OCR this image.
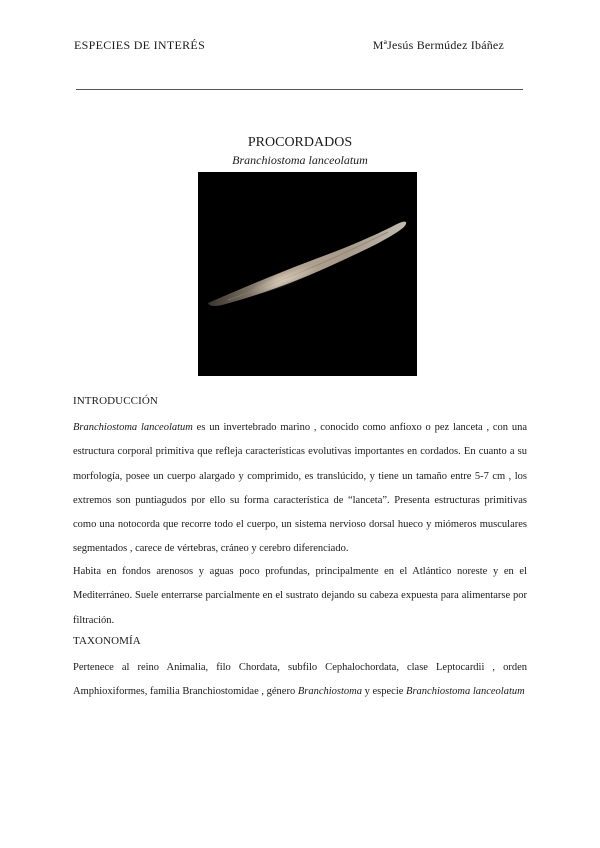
ESPECIES DE INTERÉS	MªJesús Bermúdez Ibáñez
PROCORDADOS
Branchiostoma lanceolatum
INTRODUCCIÓN
Branchiostoma lanceolatum es un invertebrado marino , conocido como anfioxo o pez lanceta , con una estructura corporal primitiva que refleja características evolutivas importantes en cordados. En cuanto a su morfología, posee un cuerpo alargado y comprimido, es translúcido, y tiene un tamaño entre 5-7 cm , los extremos son puntiagudos por ello su forma característica de “lanceta”. Presenta estructuras primitivas como una notocorda que recorre todo el cuerpo, un sistema nervioso dorsal hueco y miómeros musculares segmentados , carece de vértebras, cráneo y cerebro diferenciado.
Habita en fondos arenosos y aguas poco profundas, principalmente en el Atlántico noreste y en el Mediterráneo. Suele enterrarse parcialmente en el sustrato dejando su cabeza expuesta para alimentarse por filtración.
TAXONOMÍA
Pertenece al reino Animalia, filo Chordata, subfilo Cephalochordata, clase Leptocardii , orden Amphioxiformes, familia Branchiostomidae , género Branchiostoma y especie Branchiostoma lanceolatum
